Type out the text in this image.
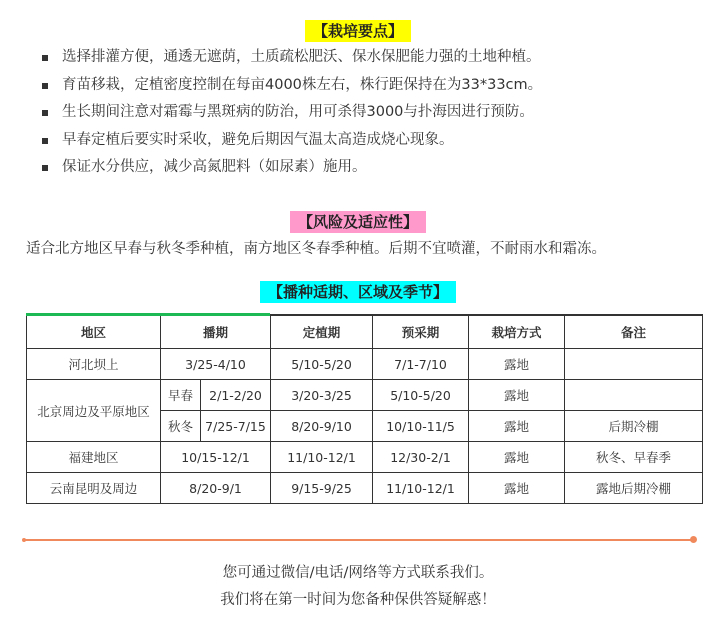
【栽培要点】
选择排灌方便，通透无遮荫，土质疏松肥沃、保水保肥能力强的土地种植。
育苗移栽，定植密度控制在每亩4000株左右，株行距保持在为33*33cm。
生长期间注意对霜霉与黑斑病的防治，用可杀得3000与扑海因进行预防。
早春定植后要实时采收，避免后期因气温太高造成烧心现象。
保证水分供应，减少高氮肥料（如尿素）施用。
【风险及适应性】
适合北方地区早春与秋冬季种植，南方地区冬春季种植。后期不宜喷灌，不耐雨水和霜冻。
【播种适期、区域及季节】
地区	播期		定植期	预采期	栽培方式	备注
河北坝上	3/25-4/10		5/10-5/20	7/1-7/10	露地	
北京周边及平原地区	早春	2/1-2/20	3/20-3/25	5/10-5/20	露地	
	秋冬	7/25-7/15	8/20-9/10	10/10-11/5	露地	后期冷棚
福建地区	10/15-12/1		11/10-12/1	12/30-2/1	露地	秋冬、早春季
云南昆明及周边	8/20-9/1		9/15-9/25	11/10-12/1	露地	露地后期冷棚
您可通过微信/电话/网络等方式联系我们。
我们将在第一时间为您备种保供答疑解惑！
